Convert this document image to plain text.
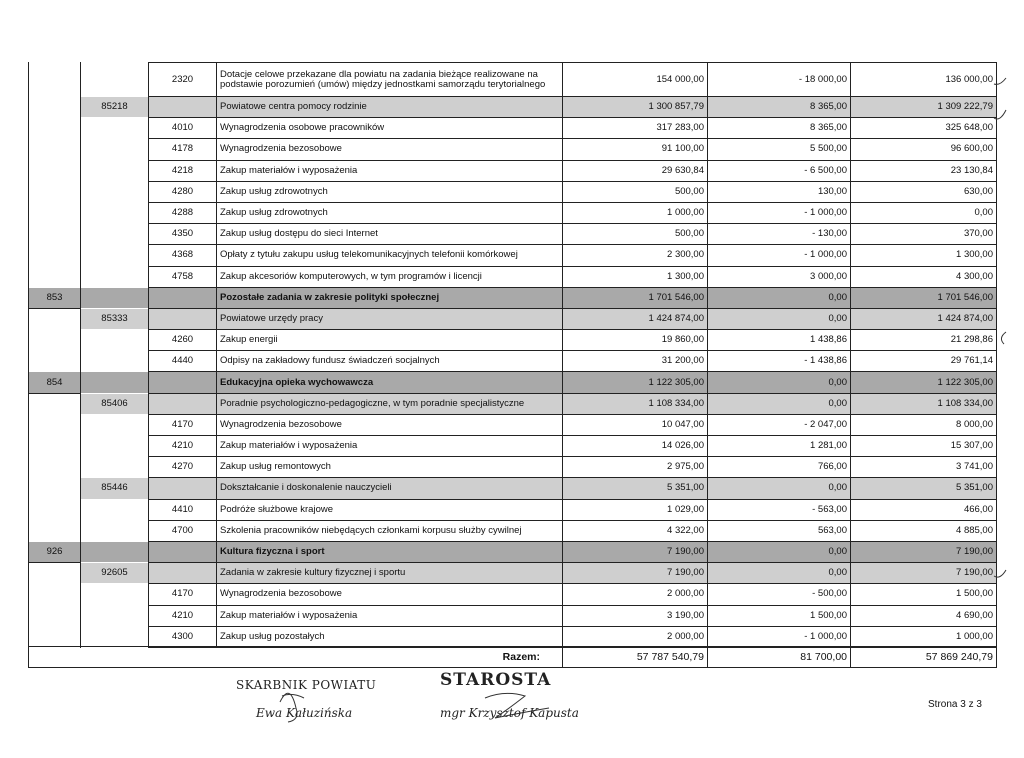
		2320	Dotacje celowe przekazane dla powiatu na zadania bieżące realizowane na podstawie porozumień (umów) między jednostkami samorządu terytorialnego	154 000,00	- 18 000,00	136 000,00
	85218		Powiatowe centra pomocy rodzinie	1 300 857,79	8 365,00	1 309 222,79
		4010	Wynagrodzenia osobowe pracowników	317 283,00	8 365,00	325 648,00
		4178	Wynagrodzenia bezosobowe	91 100,00	5 500,00	96 600,00
		4218	Zakup materiałów i wyposażenia	29 630,84	- 6 500,00	23 130,84
		4280	Zakup usług zdrowotnych	500,00	130,00	630,00
		4288	Zakup usług zdrowotnych	1 000,00	- 1 000,00	0,00
		4350	Zakup usług dostępu do sieci Internet	500,00	- 130,00	370,00
		4368	Opłaty z tytułu zakupu usług telekomunikacyjnych telefonii komórkowej	2 300,00	- 1 000,00	1 300,00
		4758	Zakup akcesoriów komputerowych, w tym programów i licencji	1 300,00	3 000,00	4 300,00
853			Pozostałe zadania w zakresie polityki społecznej	1 701 546,00	0,00	1 701 546,00
	85333		Powiatowe urzędy pracy	1 424 874,00	0,00	1 424 874,00
		4260	Zakup energii	19 860,00	1 438,86	21 298,86
		4440	Odpisy na zakładowy fundusz świadczeń socjalnych	31 200,00	- 1 438,86	29 761,14
854			Edukacyjna opieka wychowawcza	1 122 305,00	0,00	1 122 305,00
	85406		Poradnie psychologiczno-pedagogiczne, w tym poradnie specjalistyczne	1 108 334,00	0,00	1 108 334,00
		4170	Wynagrodzenia bezosobowe	10 047,00	- 2 047,00	8 000,00
		4210	Zakup materiałów i wyposażenia	14 026,00	1 281,00	15 307,00
		4270	Zakup usług remontowych	2 975,00	766,00	3 741,00
	85446		Dokształcanie i doskonalenie nauczycieli	5 351,00	0,00	5 351,00
		4410	Podróże służbowe krajowe	1 029,00	- 563,00	466,00
		4700	Szkolenia pracowników niebędących członkami korpusu służby cywilnej	4 322,00	563,00	4 885,00
926			Kultura fizyczna i sport	7 190,00	0,00	7 190,00
	92605		Zadania w zakresie kultury fizycznej i sportu	7 190,00	0,00	7 190,00
		4170	Wynagrodzenia bezosobowe	2 000,00	- 500,00	1 500,00
		4210	Zakup materiałów i wyposażenia	3 190,00	1 500,00	4 690,00
		4300	Zakup usług pozostałych	2 000,00	- 1 000,00	1 000,00
Razem:	57 787 540,79	81 700,00	57 869 240,79
SKARBNIK POWIATU
Ewa Kałuzińska
STAROSTA
mgr Krzysztof Kapusta
Strona 3 z 3
